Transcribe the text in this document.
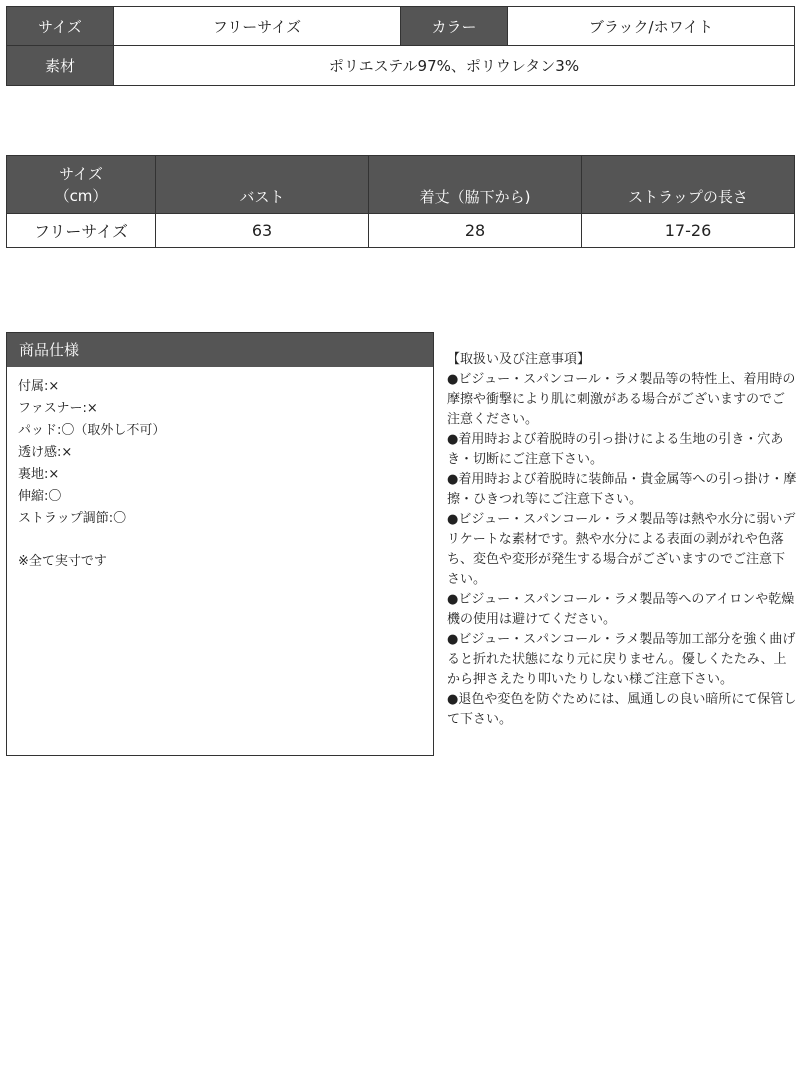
サイズ	フリーサイズ	カラー	ブラック/ホワイト
素材	ポリエステル97%、ポリウレタン3%		
サイズ
（cm）	バスト	着丈（脇下から)	ストラップの長さ
フリーサイズ	63	28	17-26
商品仕様
付属:×
ファスナー:×
パッド:〇（取外し不可）
透け感:×
裏地:×
伸縮:〇
ストラップ調節:〇
※全て実寸です

【取扱い及び注意事項】

●ビジュー・スパンコール・ラメ製品等の特性上、着用時の摩擦や衝撃により肌に刺激がある場合がございますのでご注意ください。

●着用時および着脱時の引っ掛けによる生地の引き・穴あき・切断にご注意下さい。

●着用時および着脱時に装飾品・貴金属等への引っ掛け・摩擦・ひきつれ等にご注意下さい。

●ビジュー・スパンコール・ラメ製品等は熱や水分に弱いデリケートな素材です。熱や水分による表面の剥がれや色落ち、変色や変形が発生する場合がございますのでご注意下さい。

●ビジュー・スパンコール・ラメ製品等へのアイロンや乾燥機の使用は避けてください。

●ビジュー・スパンコール・ラメ製品等加工部分を強く曲げると折れた状態になり元に戻りません。優しくたたみ、上から押さえたり叩いたりしない様ご注意下さい。

●退色や変色を防ぐためには、風通しの良い暗所にて保管して下さい。
